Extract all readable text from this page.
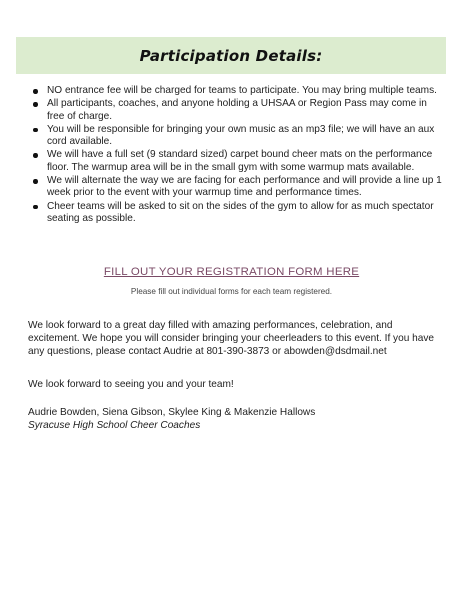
Participation Details:
NO entrance fee will be charged for teams to participate. You may bring multiple teams.
All participants, coaches, and anyone holding a UHSAA or Region Pass may come in free of charge.
You will be responsible for bringing your own music as an mp3 file; we will have an aux cord available.
We will have a full set (9 standard sized) carpet bound cheer mats on the performance floor. The warmup area will be in the small gym with some warmup mats available.
We will alternate the way we are facing for each performance and will provide a line up 1 week prior to the event with your warmup time and performance times.
Cheer teams will be asked to sit on the sides of the gym to allow for as much spectator seating as possible.
FILL OUT YOUR REGISTRATION FORM HERE
Please fill out individual forms for each team registered.

We look forward to a great day filled with amazing performances, celebration, and excitement. We hope you will consider bringing your cheerleaders to this event. If you have any questions, please contact Audrie at 801-390-3873 or abowden@dsdmail.net

We look forward to seeing you and your team!

Audrie Bowden, Siena Gibson, Skylee King & Makenzie Hallows

Syracuse High School Cheer Coaches
